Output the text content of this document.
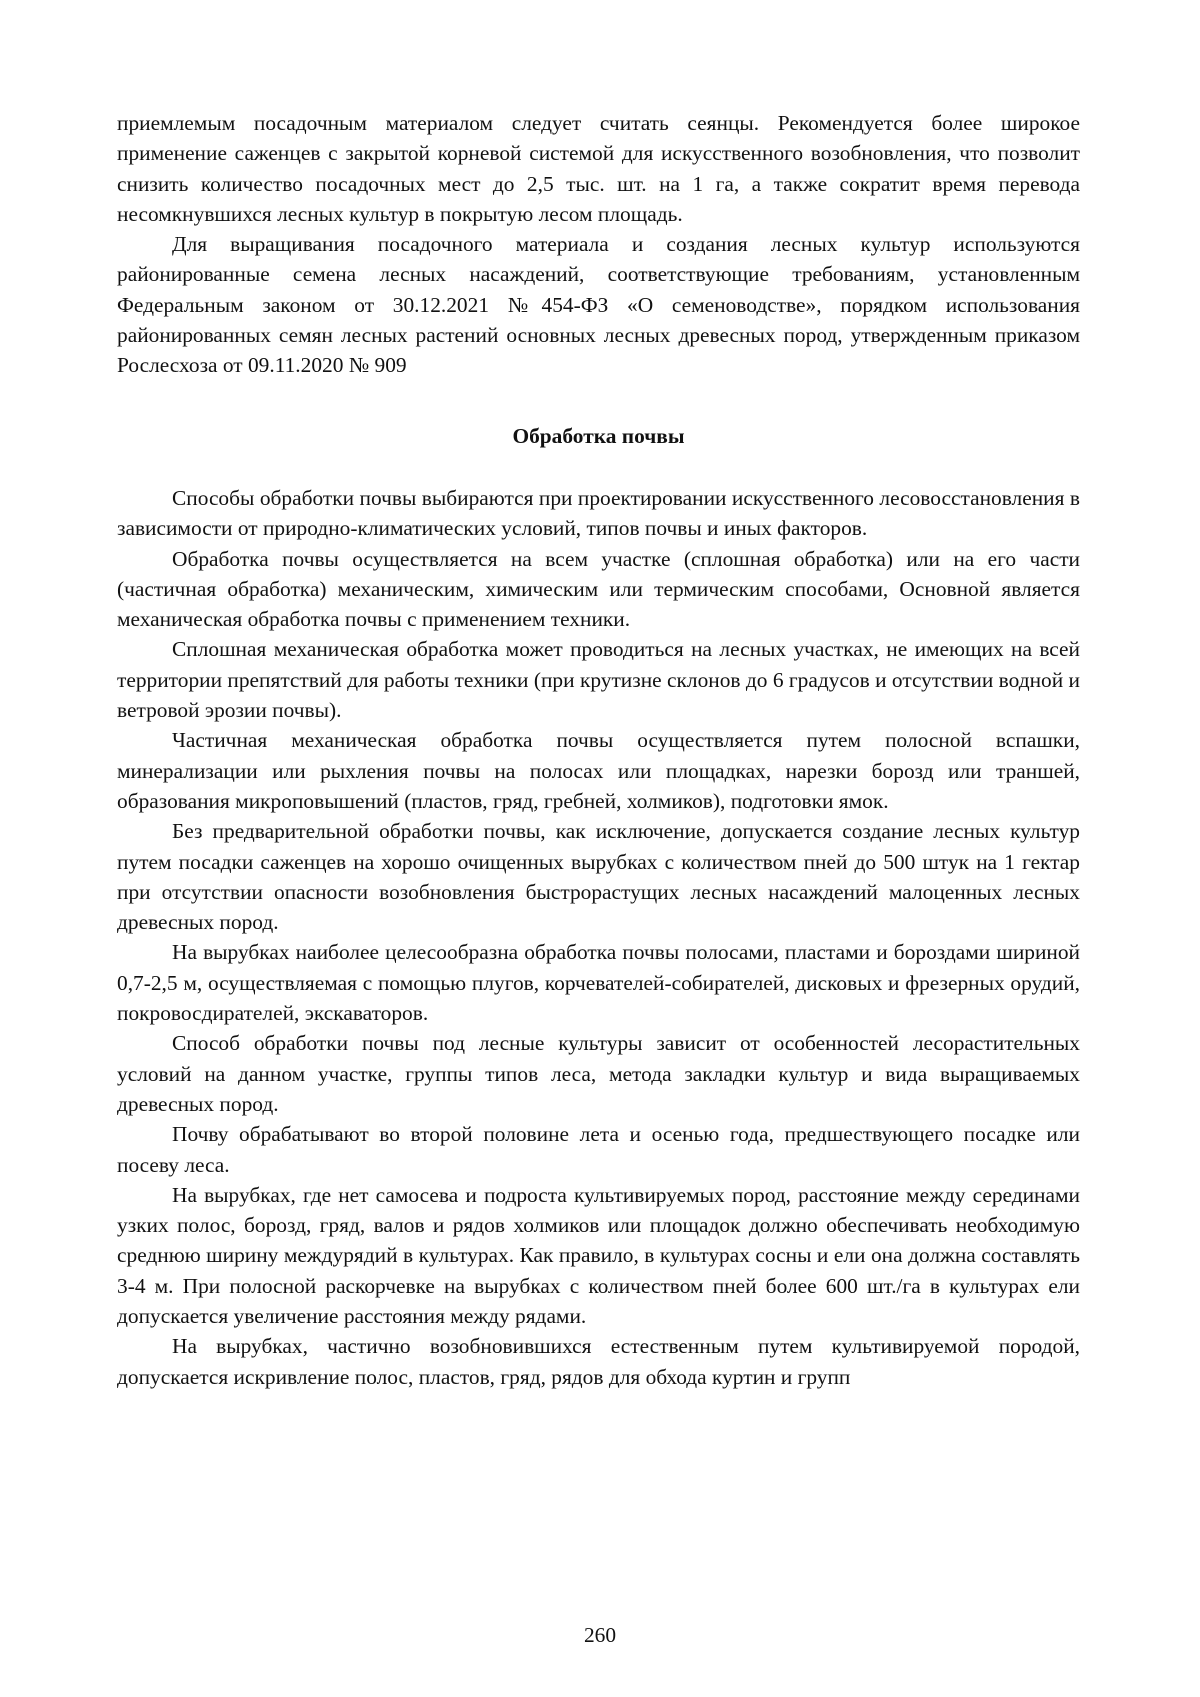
приемлемым посадочным материалом следует считать сеянцы. Рекомендуется более широкое применение саженцев с закрытой корневой системой для искусственного возобновления, что позволит снизить количество посадочных мест до 2,5 тыс. шт. на 1 га, а также сократит время перевода несомкнувшихся лесных культур в покрытую лесом площадь.

Для выращивания посадочного материала и создания лесных культур используются районированные семена лесных насаждений, соответствующие требованиям, установленным Федеральным законом от 30.12.2021 №454-ФЗ «О семеноводстве», порядком использования районированных семян лесных растений основных лесных древесных пород, утвержденным приказом Рослесхоза от 09.11.2020 № 909

Обработка почвы

Способы обработки почвы выбираются при проектировании искусственного лесовосстановления в зависимости от природно-климатических условий, типов почвы и иных факторов.

Обработка почвы осуществляется на всем участке (сплошная обработка) или на его части (частичная обработка) механическим, химическим или термическим способами, Основной является механическая обработка почвы с применением техники.

Сплошная механическая обработка может проводиться на лесных участках, не имеющих на всей территории препятствий для работы техники (при крутизне склонов до 6 градусов и отсутствии водной и ветровой эрозии почвы).

Частичная механическая обработка почвы осуществляется путем полосной вспашки, минерализации или рыхления почвы на полосах или площадках, нарезки борозд или траншей, образования микроповышений (пластов, гряд, гребней, холмиков), подготовки ямок.

Без предварительной обработки почвы, как исключение, допускается создание лесных культур путем посадки саженцев на хорошо очищенных вырубках с количеством пней до 500 штук на 1 гектар при отсутствии опасности возобновления быстрорастущих лесных насаждений малоценных лесных древесных пород.

На вырубках наиболее целесообразна обработка почвы полосами, пластами и бороздами шириной 0,7-2,5 м, осуществляемая с помощью плугов, корчевателей-собирателей, дисковых и фрезерных орудий, покровосдирателей, экскаваторов.

Способ обработки почвы под лесные культуры зависит от особенностей лесорастительных условий на данном участке, группы типов леса, метода закладки культур и вида выращиваемых древесных пород.

Почву обрабатывают во второй половине лета и осенью года, предшествующего посадке или посеву леса.

На вырубках, где нет самосева и подроста культивируемых пород, расстояние между серединами узких полос, борозд, гряд, валов и рядов холмиков или площадок должно обеспечивать необходимую среднюю ширину междурядий в культурах. Как правило, в культурах сосны и ели она должна составлять 3-4 м. При полосной раскорчевке на вырубках с количеством пней более 600 шт./га в культурах ели допускается увеличение расстояния между рядами.

На вырубках, частично возобновившихся естественным путем культивируемой породой, допускается искривление полос, пластов, гряд, рядов для обхода куртин и групп

260
